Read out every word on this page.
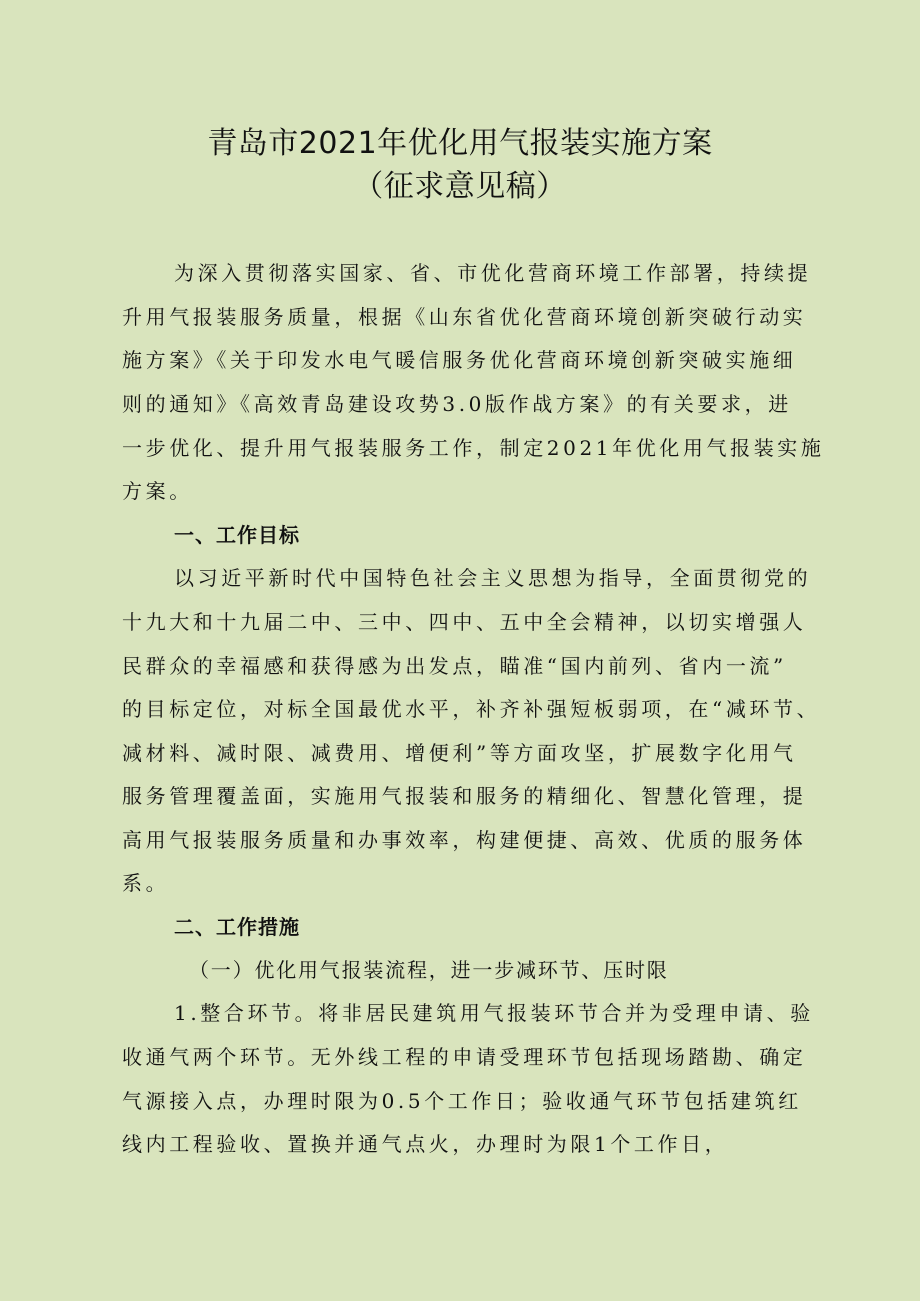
青岛市2021年优化用气报装实施方案
（征求意见稿）

为深入贯彻落实国家、省、市优化营商环境工作部署，持续提

升用气报装服务质量，根据《山东省优化营商环境创新突破行动实

施方案》《关于印发水电气暖信服务优化营商环境创新突破实施细

则的通知》《高效青岛建设攻势3.0版作战方案》的有关要求，进

一步优化、提升用气报装服务工作，制定2021年优化用气报装实施

方案。

一、工作目标

以习近平新时代中国特色社会主义思想为指导，全面贯彻党的

十九大和十九届二中、三中、四中、五中全会精神，以切实增强人

民群众的幸福感和获得感为出发点，瞄准“国内前列、省内一流”

的目标定位，对标全国最优水平，补齐补强短板弱项，在“减环节、

减材料、减时限、减费用、增便利”等方面攻坚，扩展数字化用气

服务管理覆盖面，实施用气报装和服务的精细化、智慧化管理，提

高用气报装服务质量和办事效率，构建便捷、高效、优质的服务体

系。

二、工作措施

（一）优化用气报装流程，进一步减环节、压时限

1.整合环节。将非居民建筑用气报装环节合并为受理申请、验

收通气两个环节。无外线工程的申请受理环节包括现场踏勘、确定

气源接入点，办理时限为0.5个工作日；验收通气环节包括建筑红

线内工程验收、置换并通气点火，办理时为限1个工作日，
